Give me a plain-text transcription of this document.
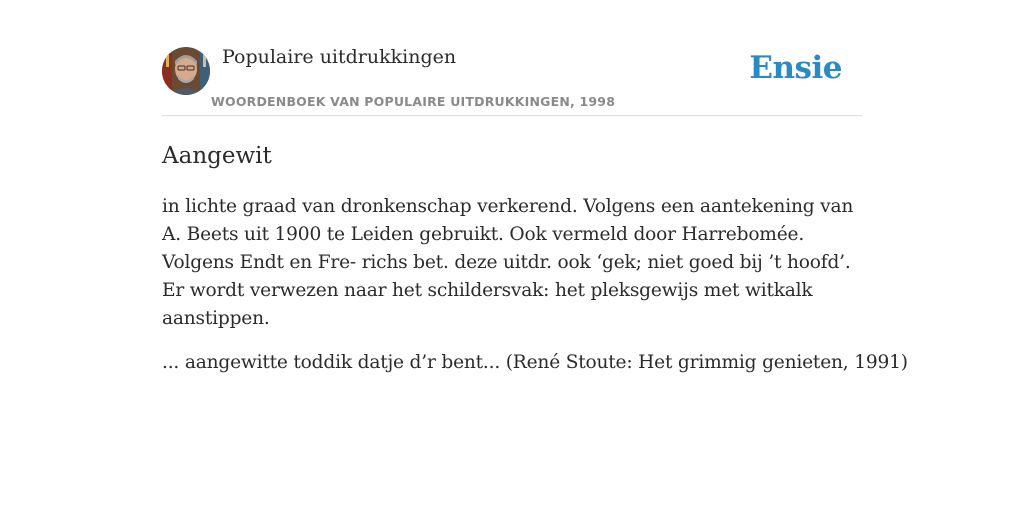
Populaire uitdrukkingen
WOORDENBOEK VAN POPULAIRE UITDRUKKINGEN, 1998
Ensie
Aangewit

in lichte graad van dronkenschap verkerend. Volgens een aantekening van A. Beets uit 1900 te Leiden gebruikt. Ook vermeld door Harrebomée. Volgens Endt en Fre- richs bet. deze uitdr. ook ‘gek; niet goed bij ’t hoofd’. Er wordt verwezen naar het schildersvak: het pleksgewijs met witkalk aanstippen.

... aangewitte toddik datje d’r bent... (René Stoute: Het grimmig genieten, 1991)
